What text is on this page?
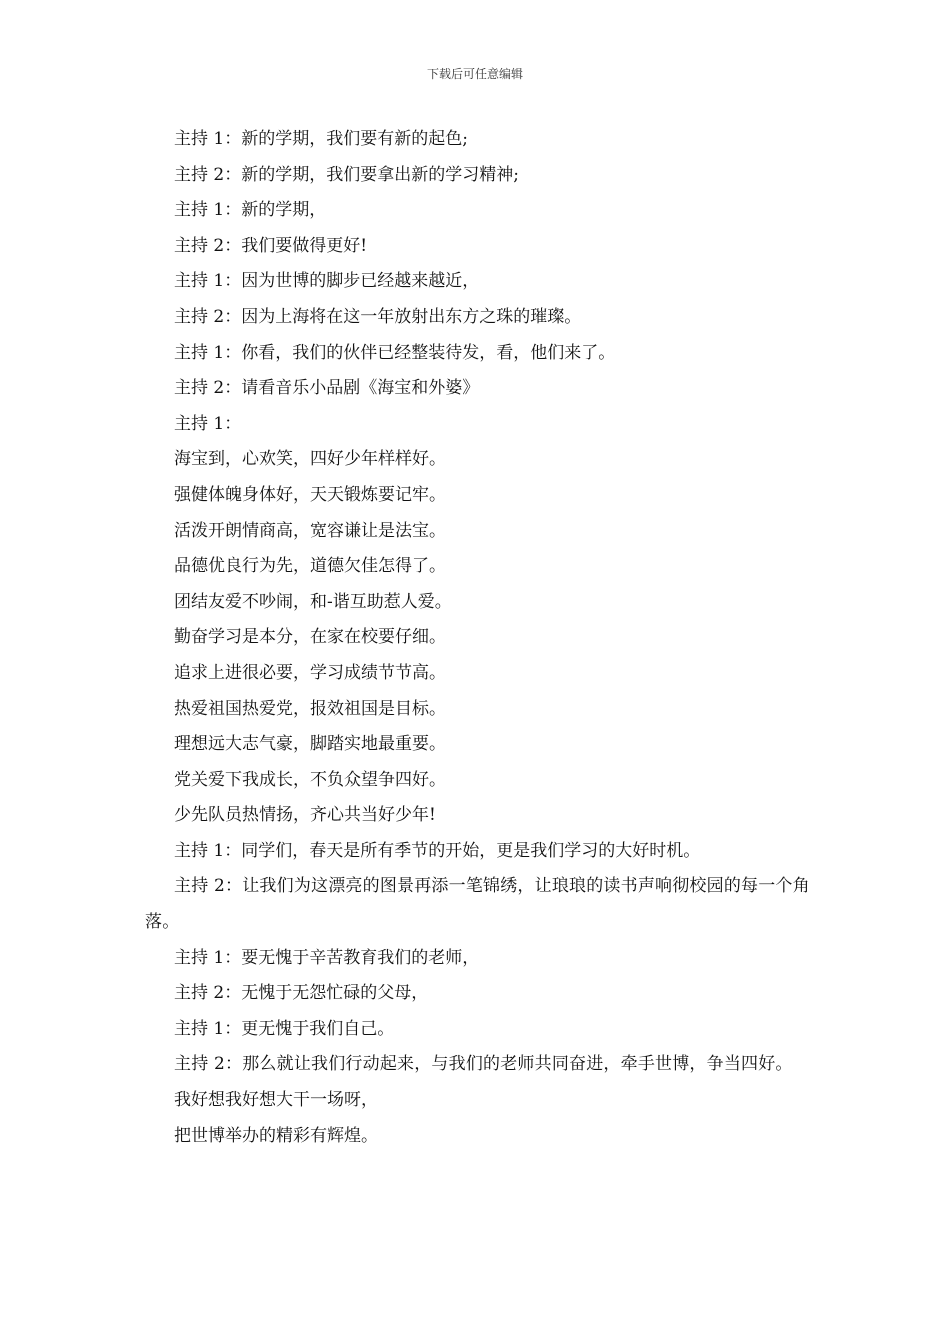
下载后可任意编辑
主持 1：新的学期，我们要有新的起色;
主持 2：新的学期，我们要拿出新的学习精神;
主持 1：新的学期，
主持 2：我们要做得更好!
主持 1：因为世博的脚步已经越来越近，
主持 2：因为上海将在这一年放射出东方之珠的璀璨。
主持 1：你看，我们的伙伴已经整装待发，看，他们来了。
主持 2：请看音乐小品剧《海宝和外婆》
主持 1：
海宝到，心欢笑，四好少年样样好。
强健体魄身体好，天天锻炼要记牢。
活泼开朗情商高，宽容谦让是法宝。
品德优良行为先，道德欠佳怎得了。
团结友爱不吵闹，和-谐互助惹人爱。
勤奋学习是本分，在家在校要仔细。
追求上进很必要，学习成绩节节高。
热爱祖国热爱党，报效祖国是目标。
理想远大志气豪，脚踏实地最重要。
党关爱下我成长，不负众望争四好。
少先队员热情扬，齐心共当好少年!
主持 1：同学们，春天是所有季节的开始，更是我们学习的大好时机。
主持 2：让我们为这漂亮的图景再添一笔锦绣，让琅琅的读书声响彻校园的每一个角落。
主持 1：要无愧于辛苦教育我们的老师，
主持 2：无愧于无怨忙碌的父母，
主持 1：更无愧于我们自己。
主持 2：那么就让我们行动起来，与我们的老师共同奋进，牵手世博，争当四好。
我好想我好想大干一场呀，
把世博举办的精彩有辉煌。
